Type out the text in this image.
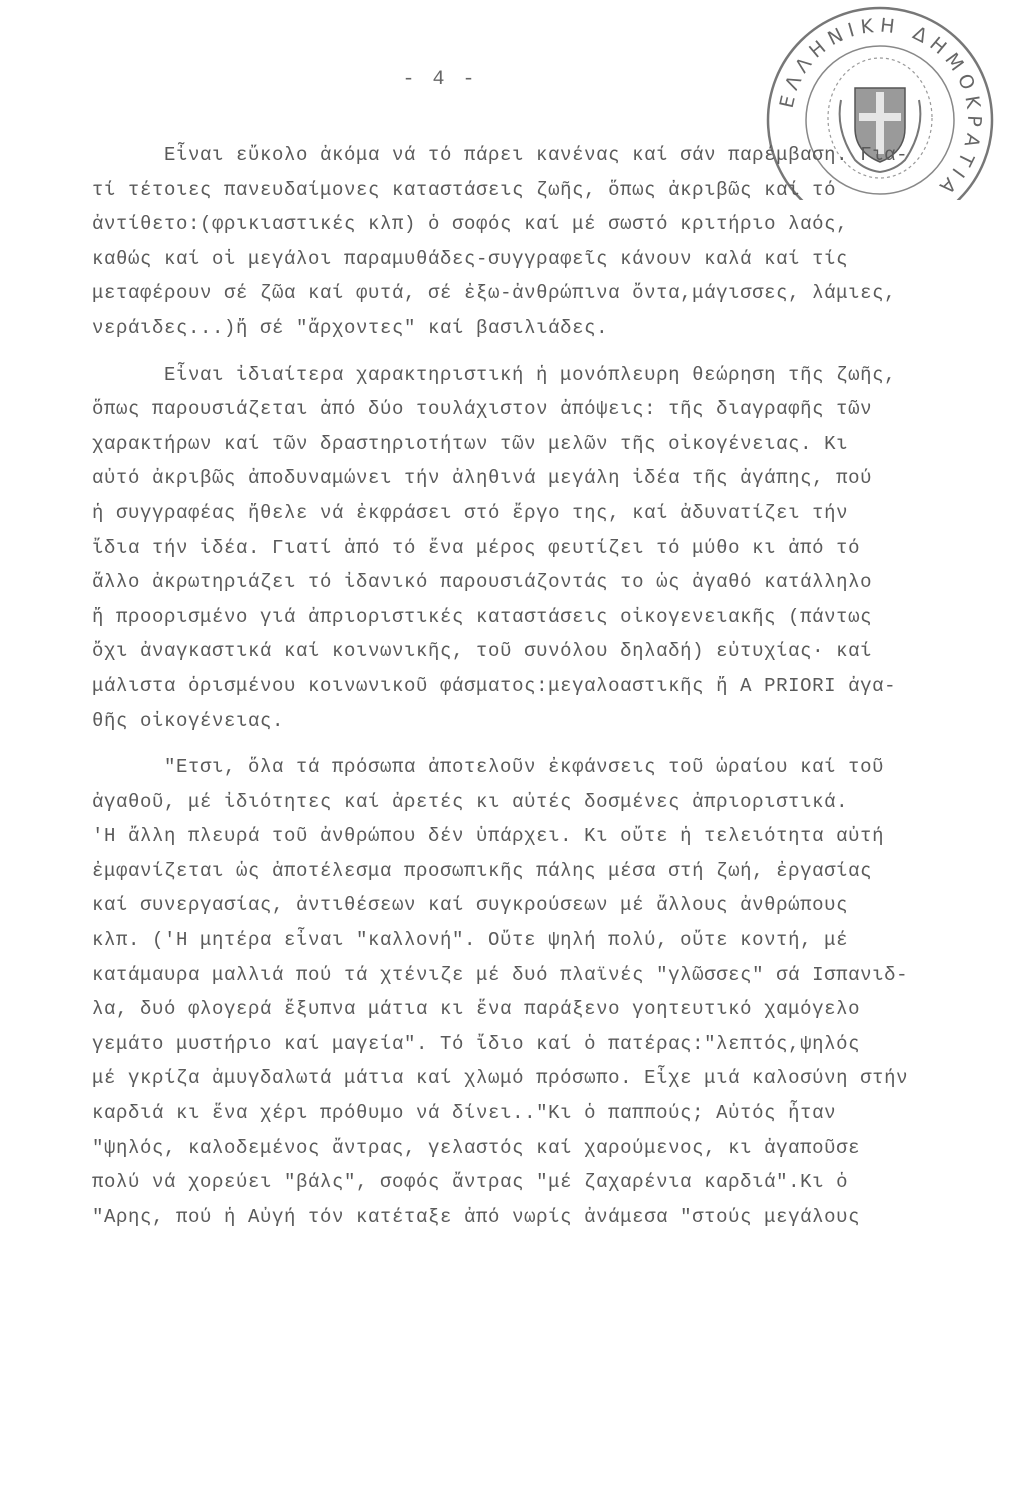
- 4 -
ΕΛΛΗΝΙΚΗ ΔΗΜΟΚΡΑΤΙΑ
Εἶναι εὔκολο ἀκόμα νά τό πάρει κανένας καί σάν παρέμβαση. Για-
τί τέτοιες πανευδαίμονες καταστάσεις ζωῆς, ὅπως ἀκριβῶς καί τό
ἀντίθετο:(φρικιαστικές κλπ) ὁ σοφός καί μέ σωστό κριτήριο λαός,
καθώς καί οἱ μεγάλοι παραμυθάδες-συγγραφεῖς κάνουν καλά καί τίς
μεταφέρουν σέ ζῶα καί φυτά, σέ ἐξω-ἀνθρώπινα ὄντα,μάγισσες, λάμιες,
νεράιδες...)ἤ σέ "ἄρχοντες" καί βασιλιάδες.
Εἶναι ἰδιαίτερα χαρακτηριστική ἡ μονόπλευρη θεώρηση τῆς ζωῆς,
ὅπως παρουσιάζεται ἀπό δύο τουλάχιστον ἀπόψεις: τῆς διαγραφῆς τῶν
χαρακτήρων καί τῶν δραστηριοτήτων τῶν μελῶν τῆς οἰκογένειας. Κι
αὐτό ἀκριβῶς ἀποδυναμώνει τήν ἀληθινά μεγάλη ἰδέα τῆς ἀγάπης, πού
ἡ συγγραφέας ἤθελε νά ἐκφράσει στό ἔργο της, καί ἀδυνατίζει τήν
ἴδια τήν ἰδέα. Γιατί ἀπό τό ἕνα μέρος φευτίζει τό μύθο κι ἀπό τό
ἄλλο ἀκρωτηριάζει τό ἰδανικό παρουσιάζοντάς το ὡς ἀγαθό κατάλληλο
ἤ προορισμένο γιά ἀπριοριστικές καταστάσεις οἰκογενειακῆς (πάντως
ὄχι ἀναγκαστικά καί κοινωνικῆς, τοῦ συνόλου δηλαδή) εὐτυχίας· καί
μάλιστα ὁρισμένου κοινωνικοῦ φάσματος:μεγαλοαστικῆς ἤ A PRIORI ἀγα-
θῆς οἰκογένειας.
"Ετσι, ὅλα τά πρόσωπα ἀποτελοῦν ἐκφάνσεις τοῦ ὡραίου καί τοῦ
ἀγαθοῦ, μέ ἰδιότητες καί ἀρετές κι αὐτές δοσμένες ἀπριοριστικά.
'Η ἄλλη πλευρά τοῦ ἀνθρώπου δέν ὑπάρχει. Κι οὔτε ἡ τελειότητα αὐτή
ἐμφανίζεται ὡς ἀποτέλεσμα προσωπικῆς πάλης μέσα στή ζωή, ἐργασίας
καί συνεργασίας, ἀντιθέσεων καί συγκρούσεων μέ ἄλλους ἀνθρώπους
κλπ. ('Η μητέρα εἶναι "καλλονή". Οὔτε ψηλή πολύ, οὔτε κοντή, μέ
κατάμαυρα μαλλιά πού τά χτένιζε μέ δυό πλαϊνές "γλῶσσες" σά Ισπανιδ-
λα, δυό φλογερά ἔξυπνα μάτια κι ἕνα παράξενο γοητευτικό χαμόγελο
γεμάτο μυστήριο καί μαγεία". Τό ἴδιο καί ὁ πατέρας:"λεπτός,ψηλός
μέ γκρίζα ἀμυγδαλωτά μάτια καί χλωμό πρόσωπο. Εἶχε μιά καλοσύνη στήν
καρδιά κι ἕνα χέρι πρόθυμο νά δίνει.."Κι ὁ παππούς; Αὐτός ἦταν
"ψηλός, καλοδεμένος ἄντρας, γελαστός καί χαρούμενος, κι ἀγαποῦσε
πολύ νά χορεύει "βάλς", σοφός ἄντρας "μέ ζαχαρένια καρδιά".Κι ὁ
"Αρης, πού ἡ Αὐγή τόν κατέταξε ἀπό νωρίς ἀνάμεσα "στούς μεγάλους
